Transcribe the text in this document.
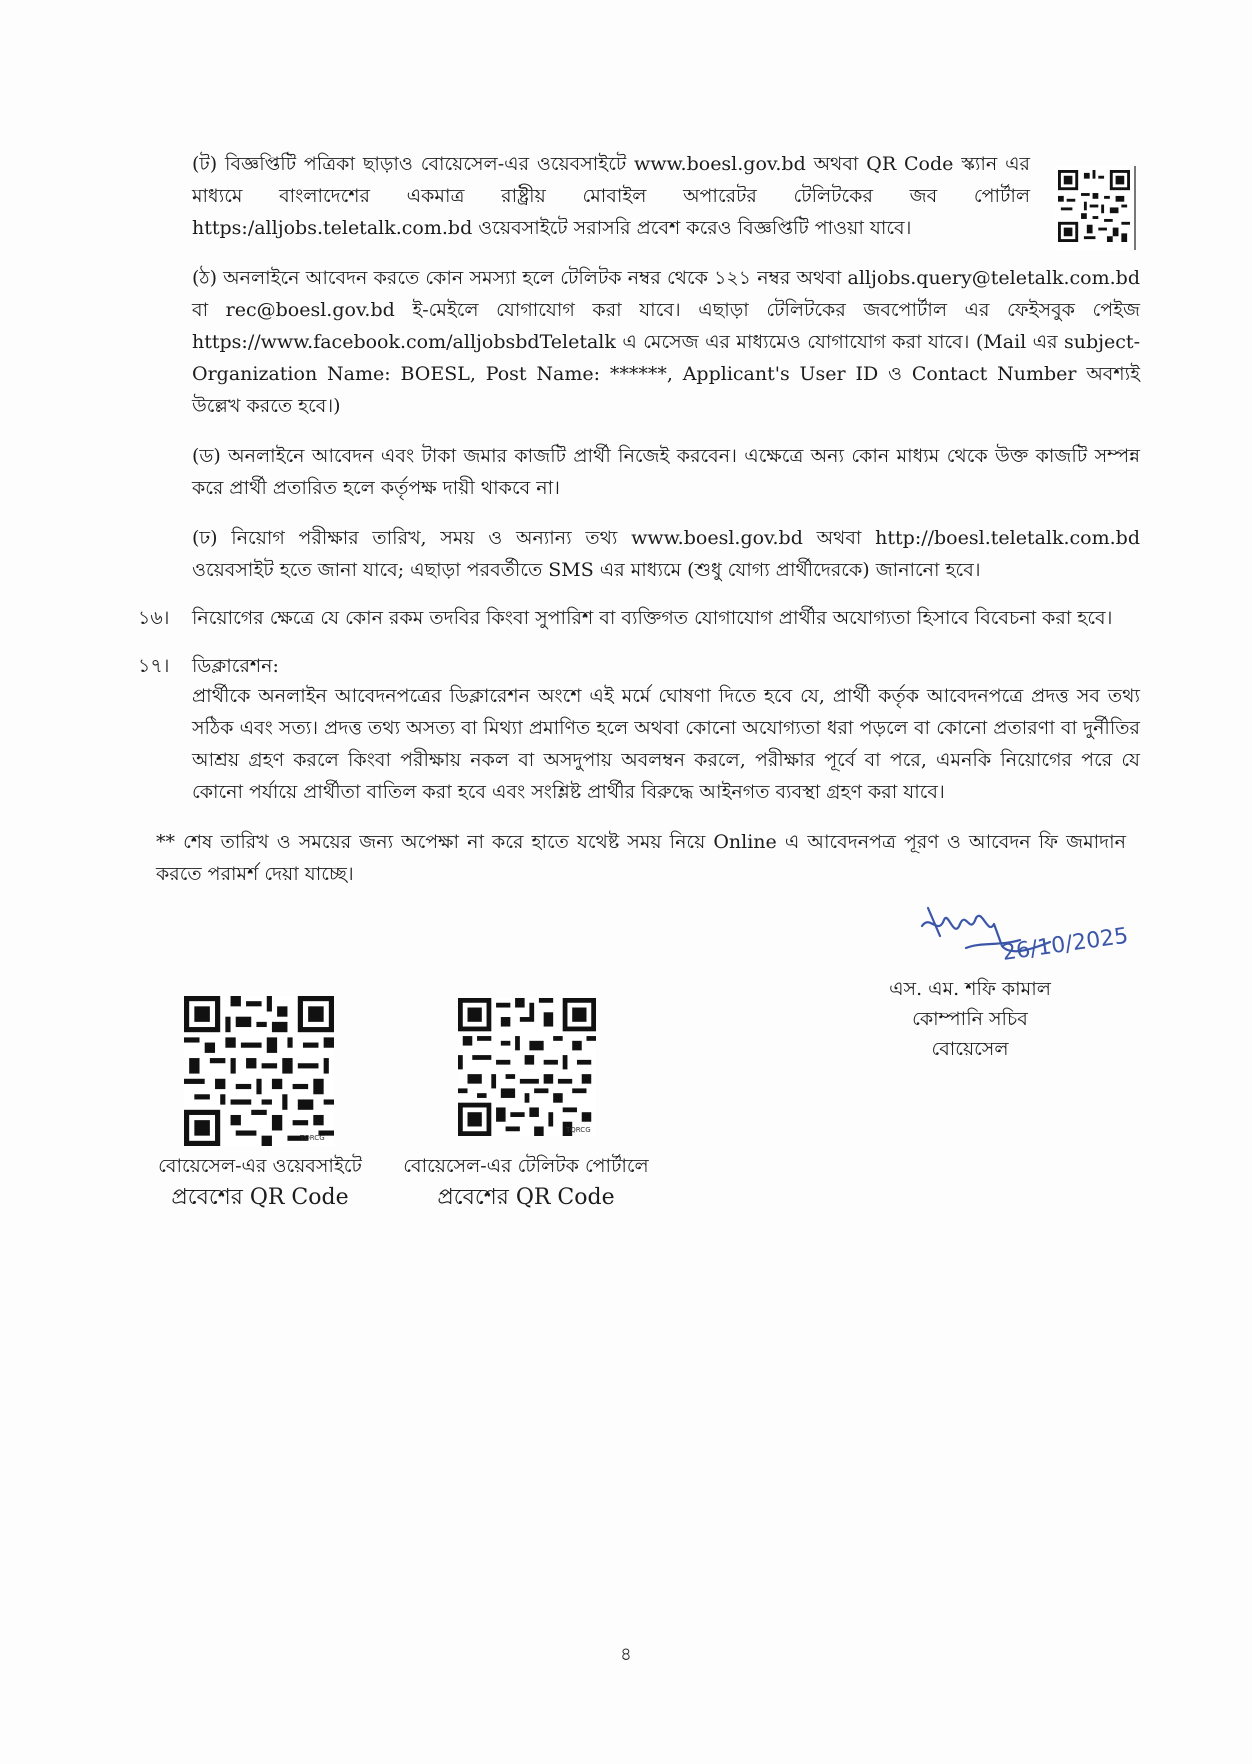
(ট) বিজ্ঞপ্তিটি পত্রিকা ছাড়াও বোয়েসেল-এর ওয়েবসাইটে www.boesl.gov.bd অথবা QR Code স্ক্যান এর মাধ্যমে বাংলাদেশের একমাত্র রাষ্ট্রীয় মোবাইল অপারেটর টেলিটকের জব পোর্টাল https:/alljobs.teletalk.com.bd ওয়েবসাইটে সরাসরি প্রবেশ করেও বিজ্ঞপ্তিটি পাওয়া যাবে।
(ঠ) অনলাইনে আবেদন করতে কোন সমস্যা হলে টেলিটক নম্বর থেকে ১২১ নম্বর অথবা alljobs.query@teletalk.com.bd বা rec@boesl.gov.bd ই-মেইলে যোগাযোগ করা যাবে। এছাড়া টেলিটকের জবপোর্টাল এর ফেইসবুক পেইজ https://www.facebook.com/alljobsbdTeletalk এ মেসেজ এর মাধ্যমেও যোগাযোগ করা যাবে। (Mail এর subject-Organization Name: BOESL, Post Name: ******, Applicant's User ID ও Contact Number অবশ্যই উল্লেখ করতে হবে।)
(ড) অনলাইনে আবেদন এবং টাকা জমার কাজটি প্রার্থী নিজেই করবেন। এক্ষেত্রে অন্য কোন মাধ্যম থেকে উক্ত কাজটি সম্পন্ন করে প্রার্থী প্রতারিত হলে কর্তৃপক্ষ দায়ী থাকবে না।
(ঢ) নিয়োগ পরীক্ষার তারিখ, সময় ও অন্যান্য তথ্য www.boesl.gov.bd অথবা http://boesl.teletalk.com.bd ওয়েবসাইট হতে জানা যাবে; এছাড়া পরবর্তীতে SMS এর মাধ্যমে (শুধু যোগ্য প্রার্থীদেরকে) জানানো হবে।
১৬।	নিয়োগের ক্ষেত্রে যে কোন রকম তদবির কিংবা সুপারিশ বা ব্যক্তিগত যোগাযোগ প্রার্থীর অযোগ্যতা হিসাবে বিবেচনা করা হবে।
১৭।	ডিক্লারেশন:
প্রার্থীকে অনলাইন আবেদনপত্রের ডিক্লারেশন অংশে এই মর্মে ঘোষণা দিতে হবে যে, প্রার্থী কর্তৃক আবেদনপত্রে প্রদত্ত সব তথ্য সঠিক এবং সত্য। প্রদত্ত তথ্য অসত্য বা মিথ্যা প্রমাণিত হলে অথবা কোনো অযোগ্যতা ধরা পড়লে বা কোনো প্রতারণা বা দুর্নীতির আশ্রয় গ্রহণ করলে কিংবা পরীক্ষায় নকল বা অসদুপায় অবলম্বন করলে, পরীক্ষার পূর্বে বা পরে, এমনকি নিয়োগের পরে যে কোনো পর্যায়ে প্রার্থীতা বাতিল করা হবে এবং সংশ্লিষ্ট প্রার্থীর বিরুদ্ধে আইনগত ব্যবস্থা গ্রহণ করা যাবে।
** শেষ তারিখ ও সময়ের জন্য অপেক্ষা না করে হাতে যথেষ্ট সময় নিয়ে Online এ আবেদনপত্র পূরণ ও আবেদন ফি জমাদান করতে পরামর্শ দেয়া যাচ্ছে।
26/10/2025
এস. এম. শফি কামাল
কোম্পানি সচিব
বোয়েসেল
TQRCG
বোয়েসেল-এর ওয়েবসাইটে
প্রবেশের QR Code
TQRCG
বোয়েসেল-এর টেলিটক পোর্টালে
প্রবেশের QR Code
৪
